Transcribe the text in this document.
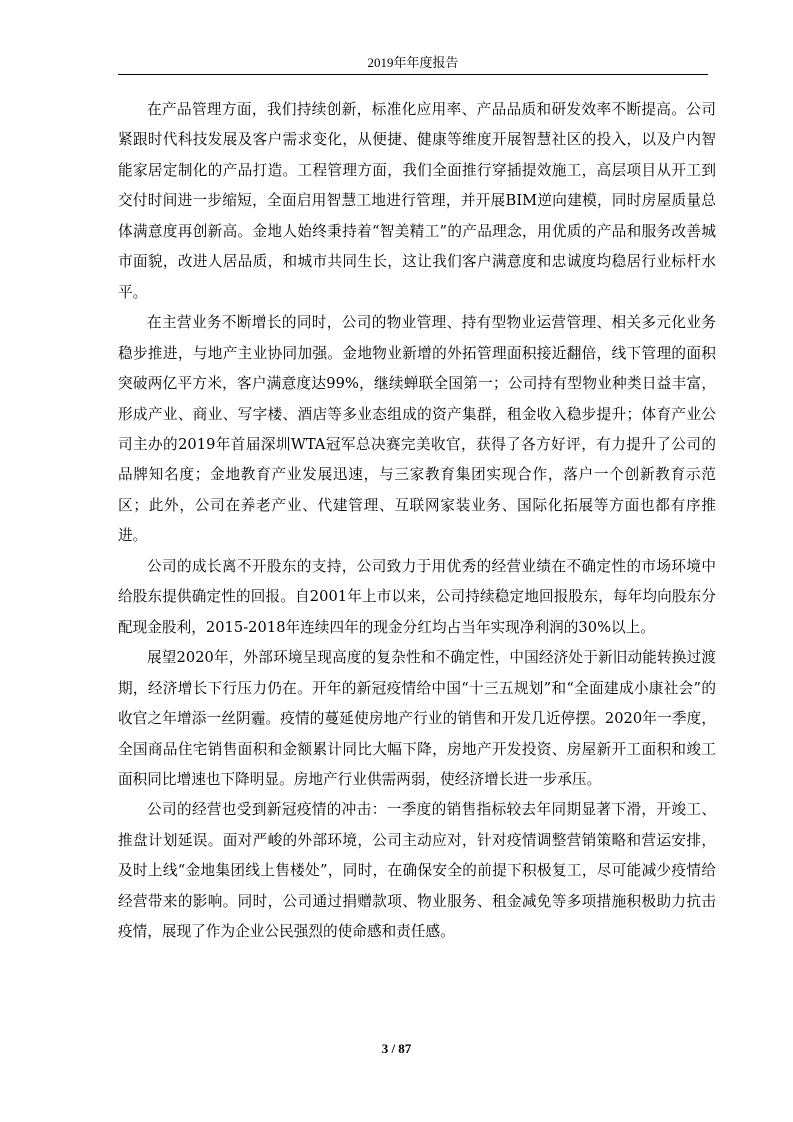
2019年年度报告

在产品管理方面，我们持续创新，标准化应用率、产品品质和研发效率不断提高。公司紧跟时代科技发展及客户需求变化，从便捷、健康等维度开展智慧社区的投入，以及户内智能家居定制化的产品打造。工程管理方面，我们全面推行穿插提效施工，高层项目从开工到交付时间进一步缩短，全面启用智慧工地进行管理，并开展BIM逆向建模，同时房屋质量总体满意度再创新高。金地人始终秉持着“智美精工”的产品理念，用优质的产品和服务改善城市面貌，改进人居品质，和城市共同生长，这让我们客户满意度和忠诚度均稳居行业标杆水平。

在主营业务不断增长的同时，公司的物业管理、持有型物业运营管理、相关多元化业务稳步推进，与地产主业协同加强。金地物业新增的外拓管理面积接近翻倍，线下管理的面积突破两亿平方米，客户满意度达99%，继续蝉联全国第一；公司持有型物业种类日益丰富，形成产业、商业、写字楼、酒店等多业态组成的资产集群，租金收入稳步提升；体育产业公司主办的2019年首届深圳WTA冠军总决赛完美收官，获得了各方好评，有力提升了公司的品牌知名度；金地教育产业发展迅速，与三家教育集团实现合作，落户一个创新教育示范区；此外，公司在养老产业、代建管理、互联网家装业务、国际化拓展等方面也都有序推进。

公司的成长离不开股东的支持，公司致力于用优秀的经营业绩在不确定性的市场环境中给股东提供确定性的回报。自2001年上市以来，公司持续稳定地回报股东，每年均向股东分配现金股利，2015-2018年连续四年的现金分红均占当年实现净利润的30%以上。

展望2020年，外部环境呈现高度的复杂性和不确定性，中国经济处于新旧动能转换过渡期，经济增长下行压力仍在。开年的新冠疫情给中国“十三五规划”和“全面建成小康社会”的收官之年增添一丝阴霾。疫情的蔓延使房地产行业的销售和开发几近停摆。2020年一季度，全国商品住宅销售面积和金额累计同比大幅下降，房地产开发投资、房屋新开工面积和竣工面积同比增速也下降明显。房地产行业供需两弱，使经济增长进一步承压。

公司的经营也受到新冠疫情的冲击：一季度的销售指标较去年同期显著下滑，开竣工、推盘计划延误。面对严峻的外部环境，公司主动应对，针对疫情调整营销策略和营运安排，及时上线“金地集团线上售楼处”，同时，在确保安全的前提下积极复工，尽可能减少疫情给经营带来的影响。同时，公司通过捐赠款项、物业服务、租金减免等多项措施积极助力抗击疫情，展现了作为企业公民强烈的使命感和责任感。

3 / 87
